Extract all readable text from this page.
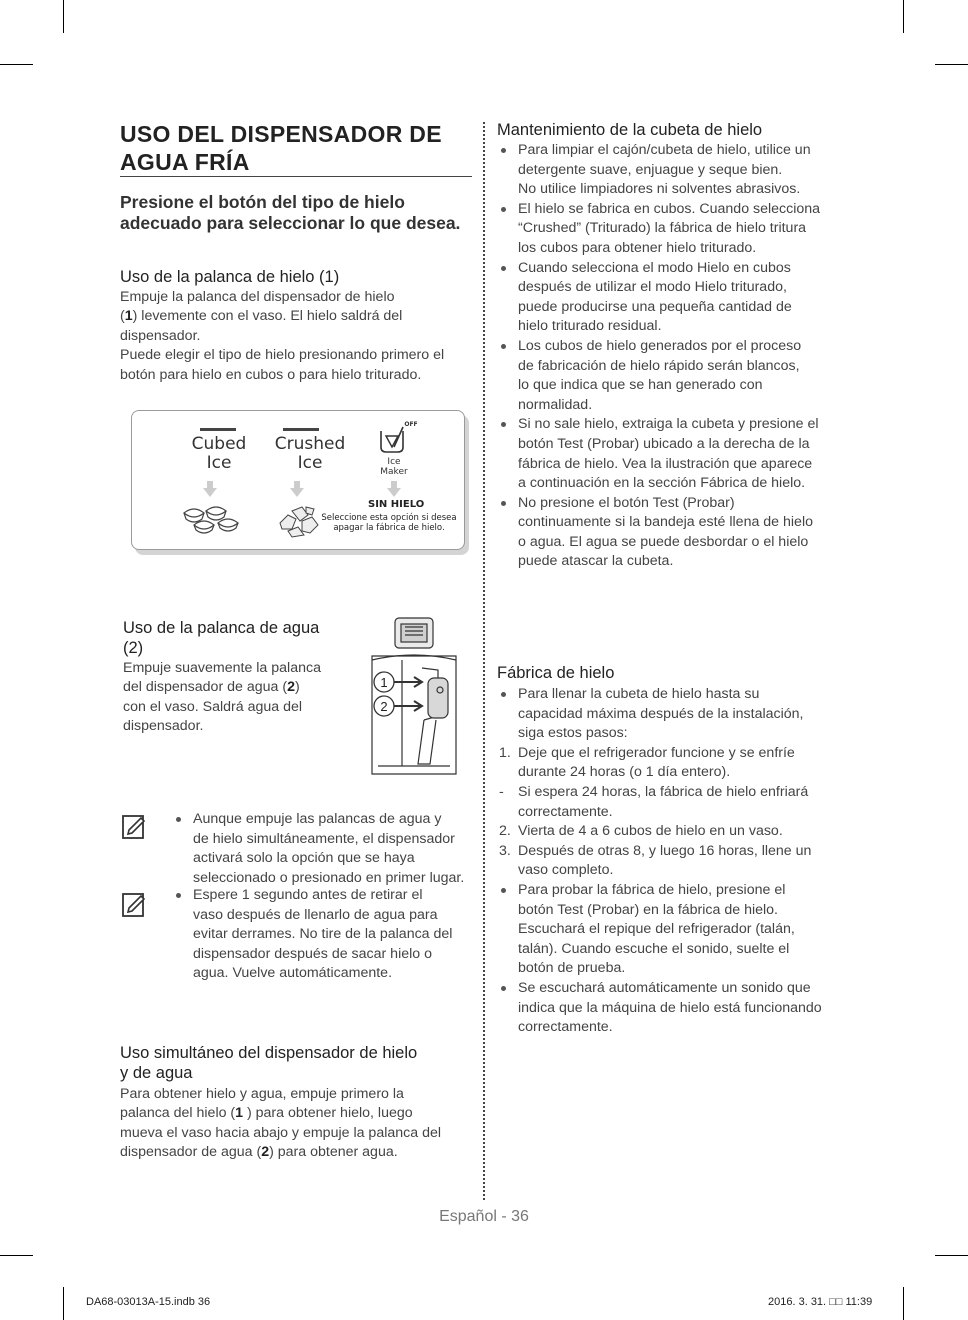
USO DEL DISPENSADOR DE
AGUA FRÍA
Presione el botón del tipo de hielo
adecuado para seleccionar lo que desea.
Uso de la palanca de hielo (1)
Empuje la palanca del dispensador de hielo
(1) levemente con el vaso. El hielo saldrá del
dispensador.
Puede elegir el tipo de hielo presionando primero el
botón para hielo en cubos o para hielo triturado.
Cubed
Ice
Crushed
Ice
OFF
Ice
Maker
SIN HIELO
Seleccione esta opción si desea
apagar la fábrica de hielo.
Uso de la palanca de agua
(2)
Empuje suavemente la palanca
del dispensador de agua (2)
con el vaso. Saldrá agua del
dispensador.
1
2
Aunque empuje las palancas de agua y
de hielo simultáneamente, el dispensador
activará solo la opción que se haya
seleccionado o presionado en primer lugar.
Espere 1 segundo antes de retirar el
vaso después de llenarlo de agua para
evitar derrames. No tire de la palanca del
dispensador después de sacar hielo o
agua. Vuelve automáticamente.
Uso simultáneo del dispensador de hielo
y de agua
Para obtener hielo y agua, empuje primero la
palanca del hielo (1 ) para obtener hielo, luego
mueva el vaso hacia abajo y empuje la palanca del
dispensador de agua (2) para obtener agua.
Mantenimiento de la cubeta de hielo
Para limpiar el cajón/cubeta de hielo, utilice un
detergente suave, enjuague y seque bien.
No utilice limpiadores ni solventes abrasivos.
El hielo se fabrica en cubos. Cuando selecciona
“Crushed” (Triturado) la fábrica de hielo tritura
los cubos para obtener hielo triturado.
Cuando selecciona el modo Hielo en cubos
después de utilizar el modo Hielo triturado,
puede producirse una pequeña cantidad de
hielo triturado residual.
Los cubos de hielo generados por el proceso
de fabricación de hielo rápido serán blancos,
lo que indica que se han generado con
normalidad.
Si no sale hielo, extraiga la cubeta y presione el
botón Test (Probar) ubicado a la derecha de la
fábrica de hielo. Vea la ilustración que aparece
a continuación en la sección Fábrica de hielo.
No presione el botón Test (Probar)
continuamente si la bandeja esté llena de hielo
o agua. El agua se puede desbordar o el hielo
puede atascar la cubeta.
Fábrica de hielo
Para llenar la cubeta de hielo hasta su
capacidad máxima después de la instalación,
siga estos pasos:
1. Deje que el refrigerador funcione y se enfríe
durante 24 horas (o 1 día entero).
- Si espera 24 horas, la fábrica de hielo enfriará
correctamente.
2. Vierta de 4 a 6 cubos de hielo en un vaso.
3. Después de otras 8, y luego 16 horas, llene un
vaso completo.
Para probar la fábrica de hielo, presione el
botón Test (Probar) en la fábrica de hielo.
Escuchará el repique del refrigerador (talán,
talán). Cuando escuche el sonido, suelte el
botón de prueba.
Se escuchará automáticamente un sonido que
indica que la máquina de hielo está funcionando
correctamente.
Español - 36
DA68-03013A-15.indb 36	2016. 3. 31. □□ 11:39
